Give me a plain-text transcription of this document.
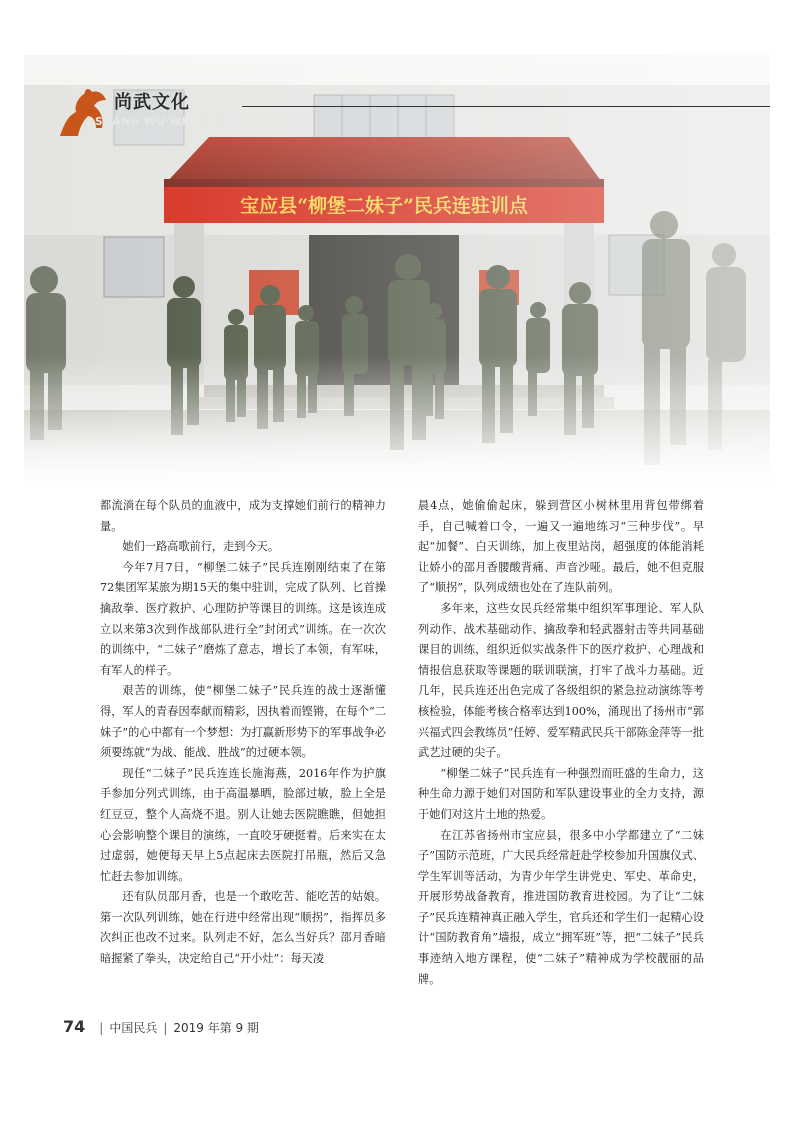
尚武文化
SHANG WU WEN HUA

都流淌在每个队员的血液中，成为支撑她们前行的精神力量。

她们一路高歌前行，走到今天。

今年7月7日，“柳堡二妹子”民兵连刚刚结束了在第72集团军某旅为期15天的集中驻训，完成了队列、匕首操擒敌拳、医疗救护、心理防护等课目的训练。这是该连成立以来第3次到作战部队进行全“封闭式”训练。在一次次的训练中，“二妹子”磨炼了意志，增长了本领，有军味，有军人的样子。

艰苦的训练，使“柳堡二妹子”民兵连的战士逐渐懂得，军人的青春因奉献而精彩，因执着而铿锵，在每个“二妹子”的心中都有一个梦想：为打赢新形势下的军事战争必须要练就“为战、能战、胜战”的过硬本领。

现任“二妹子”民兵连连长施海燕，2016年作为护旗手参加分列式训练，由于高温暴晒，脸部过敏，脸上全是红豆豆，整个人高烧不退。别人让她去医院瞧瞧，但她担心会影响整个课目的演练，一直咬牙硬挺着。后来实在太过虚弱，她便每天早上5点起床去医院打吊瓶，然后又急忙赶去参加训练。

还有队员邵月香，也是一个敢吃苦、能吃苦的姑娘。第一次队列训练，她在行进中经常出现“顺拐”，指挥员多次纠正也改不过来。队列走不好，怎么当好兵？邵月香暗暗握紧了拳头，决定给自己“开小灶”：每天凌

晨4点，她偷偷起床，躲到营区小树林里用背包带绑着手，自己喊着口令，一遍又一遍地练习“三种步伐”。早起“加餐”、白天训练，加上夜里站岗，超强度的体能消耗让娇小的邵月香腰酸背痛、声音沙哑。最后，她不但克服了“顺拐”，队列成绩也处在了连队前列。

多年来，这些女民兵经常集中组织军事理论、军人队列动作、战术基础动作、擒敌拳和轻武器射击等共同基础课目的训练，组织近似实战条件下的医疗救护、心理战和情报信息获取等课题的联训联演，打牢了战斗力基础。近几年，民兵连还出色完成了各级组织的紧急拉动演练等考核检验，体能考核合格率达到100%，涌现出了扬州市“郭兴福式四会教练员”任婷、爱军精武民兵干部陈金萍等一批武艺过硬的尖子。

“柳堡二妹子”民兵连有一种强烈而旺盛的生命力，这种生命力源于她们对国防和军队建设事业的全力支持，源于她们对这片土地的热爱。

在江苏省扬州市宝应县，很多中小学都建立了“二妹子”国防示范班，广大民兵经常赶赴学校参加升国旗仪式、学生军训等活动，为青少年学生讲党史、军史、革命史，开展形势战备教育，推进国防教育进校园。为了让“二妹子”民兵连精神真正融入学生，官兵还和学生们一起精心设计“国防教育角”墙报，成立“拥军班”等，把“二妹子”民兵事迹纳入地方课程，使“二妹子”精神成为学校靓丽的品牌。

74 | 中国民兵 | 2019 年第 9 期
